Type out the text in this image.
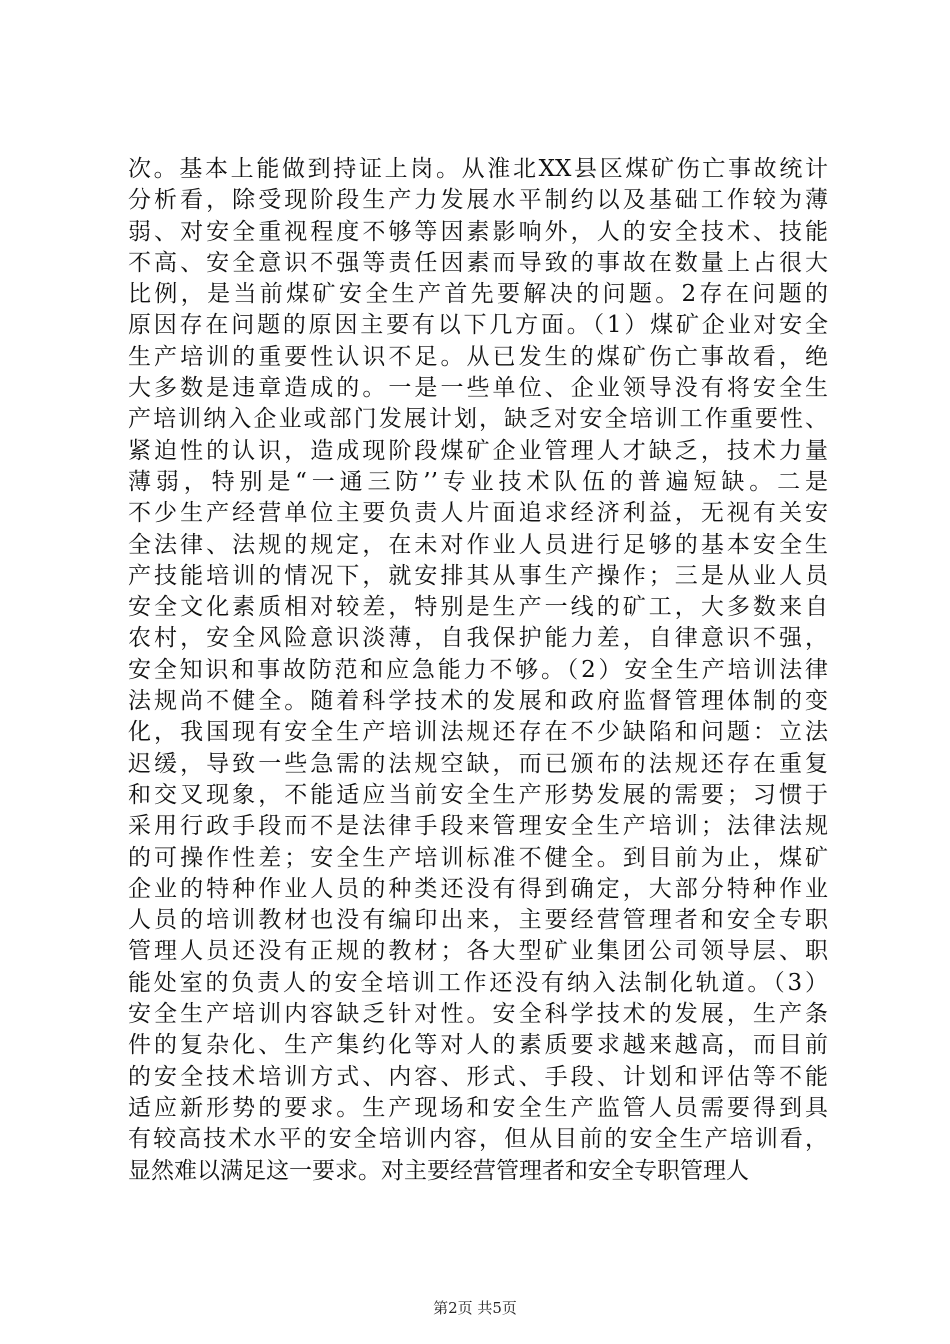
次。基本上能做到持证上岗。从淮北XX县区煤矿伤亡事故统计
分析看，除受现阶段生产力发展水平制约以及基础工作较为薄
弱、对安全重视程度不够等因素影响外，人的安全技术、技能
不高、安全意识不强等责任因素而导致的事故在数量上占很大
比例，是当前煤矿安全生产首先要解决的问题。2存在问题的
原因存在问题的原因主要有以下几方面。（1）煤矿企业对安全
生产培训的重要性认识不足。从已发生的煤矿伤亡事故看，绝
大多数是违章造成的。一是一些单位、企业领导没有将安全生
产培训纳入企业或部门发展计划，缺乏对安全培训工作重要性、
紧迫性的认识，造成现阶段煤矿企业管理人才缺乏，技术力量
薄弱，特别是“一通三防’’专业技术队伍的普遍短缺。二是
不少生产经营单位主要负责人片面追求经济利益，无视有关安
全法律、法规的规定，在未对作业人员进行足够的基本安全生
产技能培训的情况下，就安排其从事生产操作；三是从业人员
安全文化素质相对较差，特别是生产一线的矿工，大多数来自
农村，安全风险意识淡薄，自我保护能力差，自律意识不强，
安全知识和事故防范和应急能力不够。（2）安全生产培训法律
法规尚不健全。随着科学技术的发展和政府监督管理体制的变
化，我国现有安全生产培训法规还存在不少缺陷和问题：立法
迟缓，导致一些急需的法规空缺，而已颁布的法规还存在重复
和交叉现象，不能适应当前安全生产形势发展的需要；习惯于
采用行政手段而不是法律手段来管理安全生产培训；法律法规
的可操作性差；安全生产培训标准不健全。到目前为止，煤矿
企业的特种作业人员的种类还没有得到确定，大部分特种作业
人员的培训教材也没有编印出来，主要经营管理者和安全专职
管理人员还没有正规的教材；各大型矿业集团公司领导层、职
能处室的负责人的安全培训工作还没有纳入法制化轨道。（3）
安全生产培训内容缺乏针对性。安全科学技术的发展，生产条
件的复杂化、生产集约化等对人的素质要求越来越高，而目前
的安全技术培训方式、内容、形式、手段、计划和评估等不能
适应新形势的要求。生产现场和安全生产监管人员需要得到具
有较高技术水平的安全培训内容，但从目前的安全生产培训看，
显然难以满足这一要求。对主要经营管理者和安全专职管理人
第2页 共5页
